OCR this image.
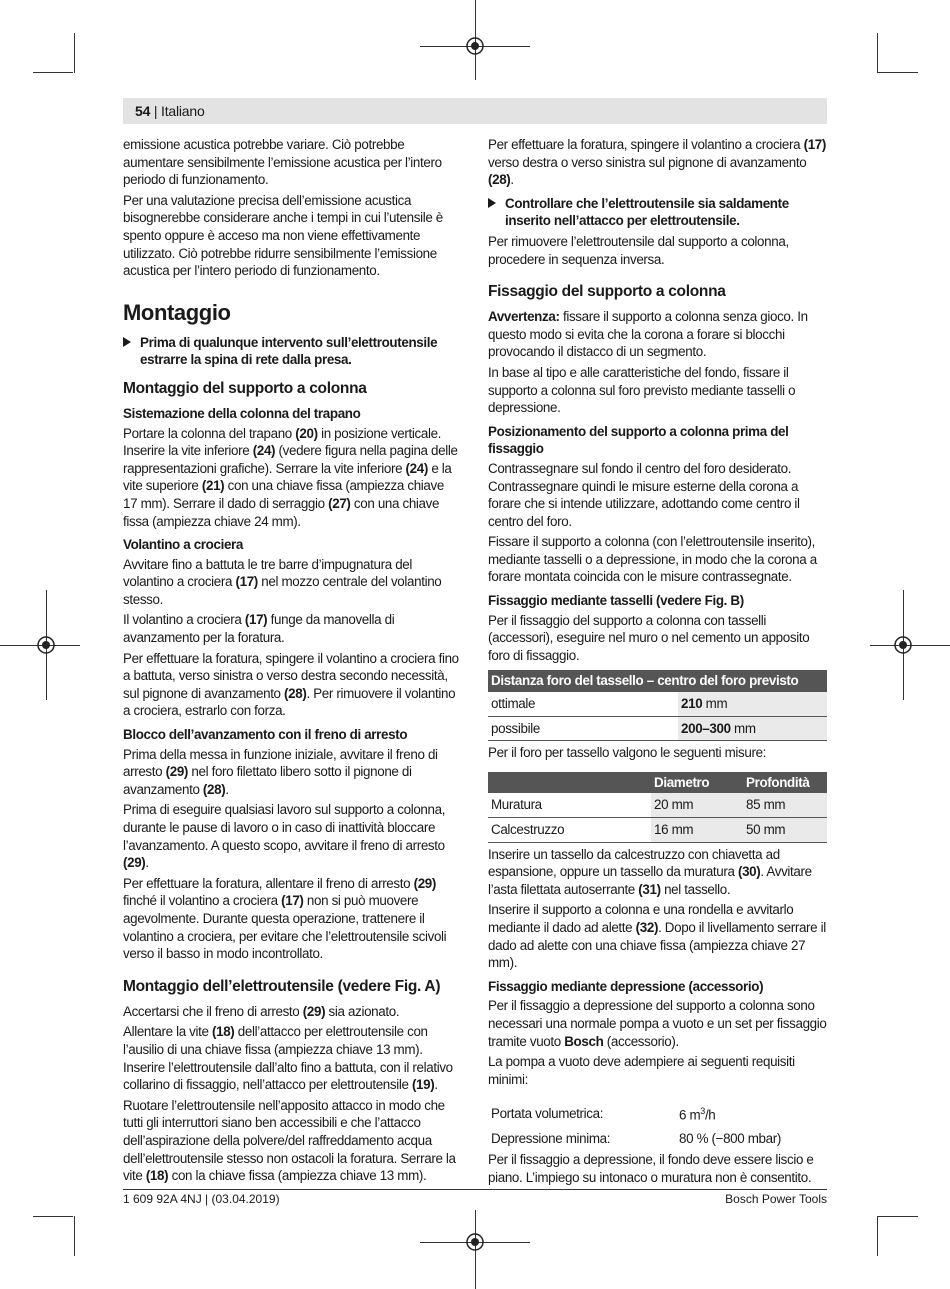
54 | Italiano

emissione acustica potrebbe variare. Ciò potrebbe aumentare sensibilmente l’emissione acustica per l’intero periodo di funzionamento.

Per una valutazione precisa dell’emissione acustica bisognerebbe considerare anche i tempi in cui l’utensile è spento oppure è acceso ma non viene effettivamente utilizzato. Ciò potrebbe ridurre sensibilmente l’emissione acustica per l’intero periodo di funzionamento.

Montaggio
Prima di qualunque intervento sull’elettroutensile estrarre la spina di rete dalla presa.
Montaggio del supporto a colonna
Sistemazione della colonna del trapano

Portare la colonna del trapano (20) in posizione verticale. Inserire la vite inferiore (24) (vedere figura nella pagina delle rappresentazioni grafiche). Serrare la vite inferiore (24) e la vite superiore (21) con una chiave fissa (ampiezza chiave 17 mm). Serrare il dado di serraggio (27) con una chiave fissa (ampiezza chiave 24 mm).

Volantino a crociera

Avvitare fino a battuta le tre barre d’impugnatura del volantino a crociera (17) nel mozzo centrale del volantino stesso.

Il volantino a crociera (17) funge da manovella di avanzamento per la foratura.

Per effettuare la foratura, spingere il volantino a crociera fino a battuta, verso sinistra o verso destra secondo necessità, sul pignone di avanzamento (28). Per rimuovere il volantino a crociera, estrarlo con forza.

Blocco dell’avanzamento con il freno di arresto

Prima della messa in funzione iniziale, avvitare il freno di arresto (29) nel foro filettato libero sotto il pignone di avanzamento (28).

Prima di eseguire qualsiasi lavoro sul supporto a colonna, durante le pause di lavoro o in caso di inattività bloccare l’avanzamento. A questo scopo, avvitare il freno di arresto (29).

Per effettuare la foratura, allentare il freno di arresto (29) finché il volantino a crociera (17) non si può muovere agevolmente. Durante questa operazione, trattenere il volantino a crociera, per evitare che l’elettroutensile scivoli verso il basso in modo incontrollato.

Montaggio dell’elettroutensile (vedere Fig. A)

Accertarsi che il freno di arresto (29) sia azionato.

Allentare la vite (18) dell’attacco per elettroutensile con l’ausilio di una chiave fissa (ampiezza chiave 13 mm). Inserire l’elettroutensile dall’alto fino a battuta, con il relativo collarino di fissaggio, nell’attacco per elettroutensile (19).

Ruotare l’elettroutensile nell’apposito attacco in modo che tutti gli interruttori siano ben accessibili e che l’attacco dell’aspirazione della polvere/del raffreddamento acqua dell’elettroutensile stesso non ostacoli la foratura. Serrare la vite (18) con la chiave fissa (ampiezza chiave 13 mm).

Per effettuare la foratura, spingere il volantino a crociera (17) verso destra o verso sinistra sul pignone di avanzamento (28).

Controllare che l’elettroutensile sia saldamente inserito nell’attacco per elettroutensile.

Per rimuovere l’elettroutensile dal supporto a colonna, procedere in sequenza inversa.

Fissaggio del supporto a colonna

Avvertenza: fissare il supporto a colonna senza gioco. In questo modo si evita che la corona a forare si blocchi provocando il distacco di un segmento.

In base al tipo e alle caratteristiche del fondo, fissare il supporto a colonna sul foro previsto mediante tasselli o depressione.

Posizionamento del supporto a colonna prima del fissaggio

Contrassegnare sul fondo il centro del foro desiderato. Contrassegnare quindi le misure esterne della corona a forare che si intende utilizzare, adottando come centro il centro del foro.

Fissare il supporto a colonna (con l’elettroutensile inserito), mediante tasselli o a depressione, in modo che la corona a forare montata coincida con le misure contrassegnate.

Fissaggio mediante tasselli (vedere Fig. B)

Per il fissaggio del supporto a colonna con tasselli (accessori), eseguire nel muro o nel cemento un apposito foro di fissaggio.

Distanza foro del tassello – centro del foro previsto	
ottimale	210 mm
possibile	200–300 mm

Per il foro per tassello valgono le seguenti misure:

	Diametro	Profondità
Muratura	20 mm	85 mm
Calcestruzzo	16 mm	50 mm

Inserire un tassello da calcestruzzo con chiavetta ad espansione, oppure un tassello da muratura (30). Avvitare l’asta filettata autoserrante (31) nel tassello.

Inserire il supporto a colonna e una rondella e avvitarlo mediante il dado ad alette (32). Dopo il livellamento serrare il dado ad alette con una chiave fissa (ampiezza chiave 27 mm).

Fissaggio mediante depressione (accessorio)

Per il fissaggio a depressione del supporto a colonna sono necessari una normale pompa a vuoto e un set per fissaggio tramite vuoto Bosch (accessorio).

La pompa a vuoto deve adempiere ai seguenti requisiti minimi:

Portata volumetrica:	6 $m^3/h$
Depressione minima:	80 % (−800 mbar)

Per il fissaggio a depressione, il fondo deve essere liscio e piano. L’impiego su intonaco o muratura non è consentito.

1 609 92A 4NJ | (03.04.2019)	Bosch Power Tools
